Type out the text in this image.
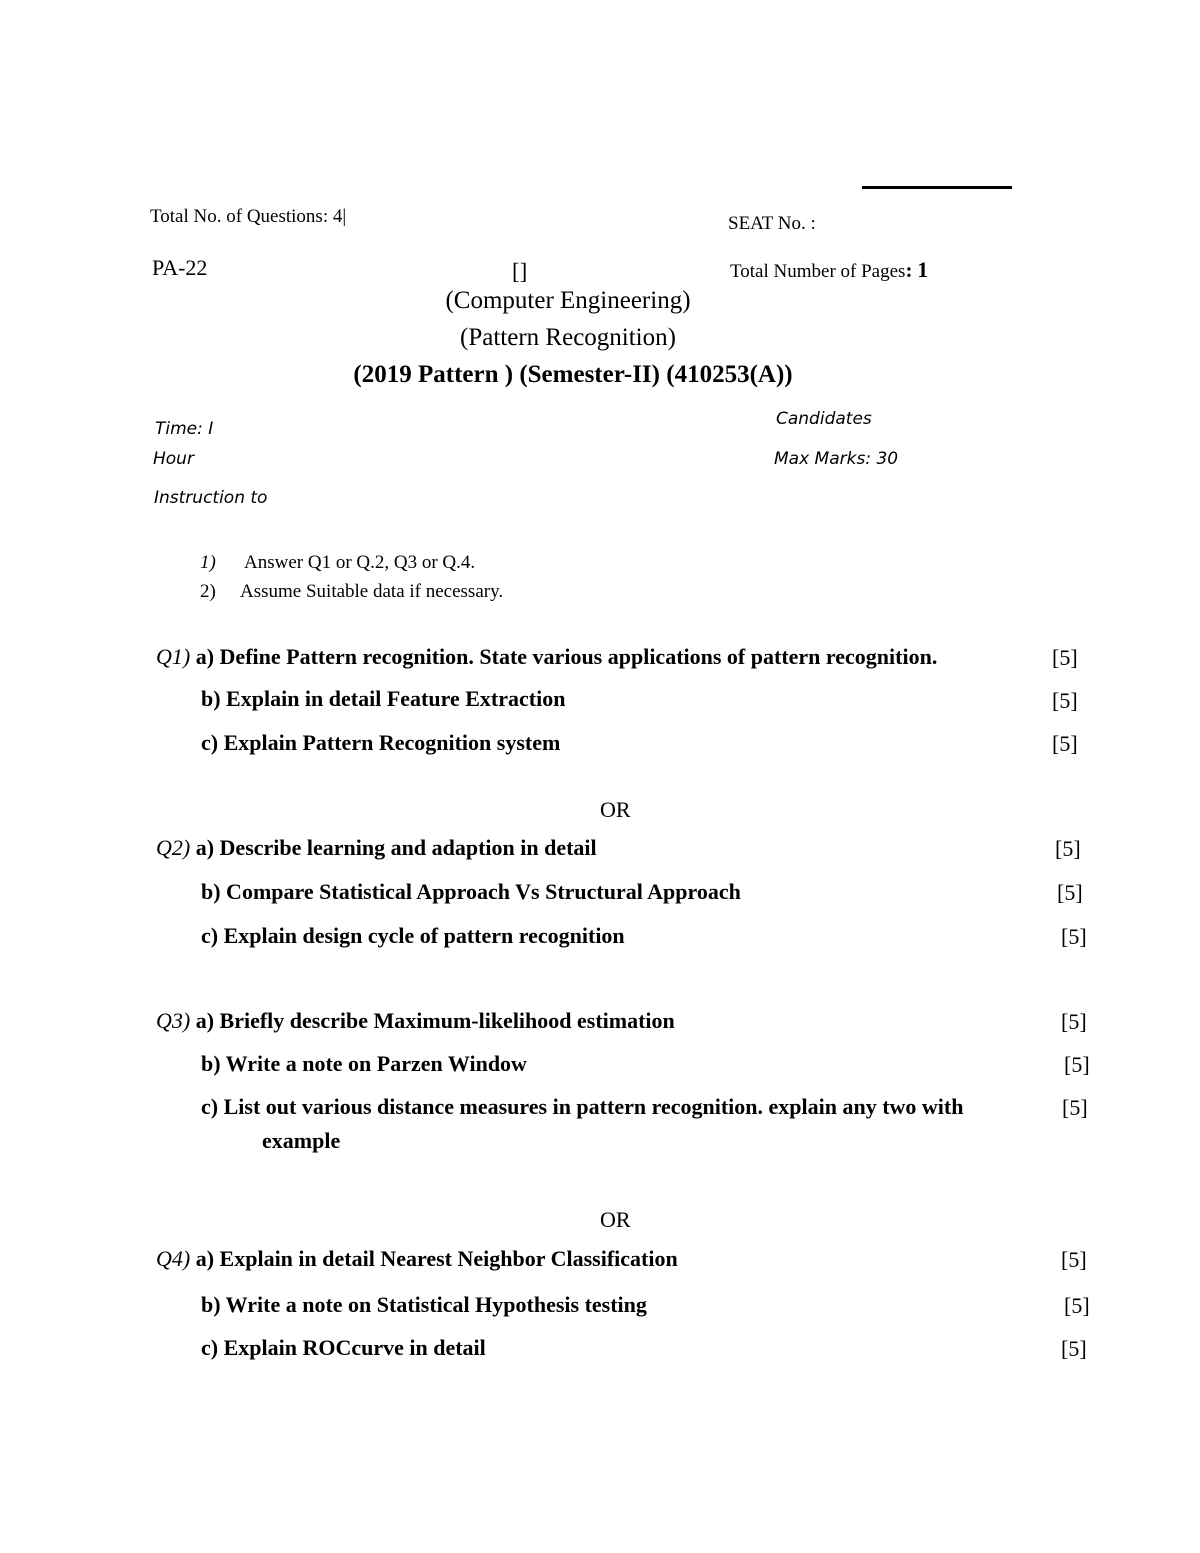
Total No. of Questions: 4|	SEAT No. :
PA-22	[]	Total Number of Pages: 1
(Computer Engineering)
(Pattern Recognition)
(2019 Pattern ) (Semester-II) (410253(A))
Time: I
Hour
Instruction to
Candidates
Max Marks: 30
1) Answer Q1 or Q.2, Q3 or Q.4.
2) Assume Suitable data if necessary.
Q1) a) Define Pattern recognition. State various applications of pattern recognition.	[5]
b) Explain in detail Feature Extraction	[5]
c) Explain Pattern Recognition system	[5]
OR
Q2) a) Describe learning and adaption in detail	[5]
b) Compare Statistical Approach Vs Structural Approach	[5]
c) Explain design cycle of pattern recognition	[5]
Q3) a) Briefly describe Maximum-likelihood estimation	[5]
b) Write a note on Parzen Window	[5]
c) List out various distance measures in pattern recognition. explain any two with	[5]
example
OR
Q4) a) Explain in detail Nearest Neighbor Classification	[5]
b) Write a note on Statistical Hypothesis testing	[5]
c) Explain ROCcurve in detail	[5]
